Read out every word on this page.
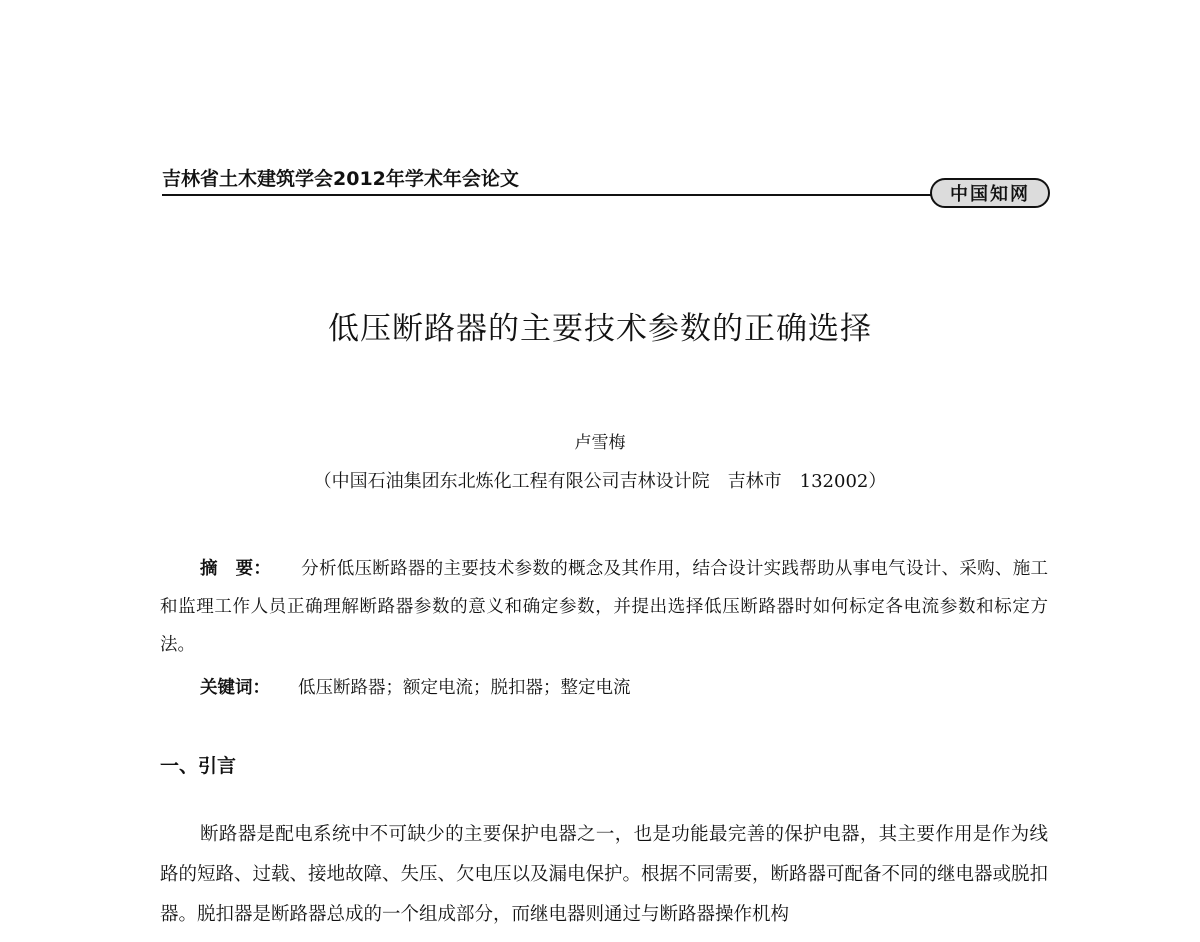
吉林省土木建筑学会2012年学术年会论文
中国知网
低压断路器的主要技术参数的正确选择
卢雪梅
（中国石油集团东北炼化工程有限公司吉林设计院　吉林市　132002）
摘　要： 分析低压断路器的主要技术参数的概念及其作用，结合设计实践帮助从事电气设计、采购、施工和监理工作人员正确理解断路器参数的意义和确定参数，并提出选择低压断路器时如何标定各电流参数和标定方法。
关键词： 低压断路器；额定电流；脱扣器；整定电流
一、引言
断路器是配电系统中不可缺少的主要保护电器之一，也是功能最完善的保护电器，其主要作用是作为线路的短路、过载、接地故障、失压、欠电压以及漏电保护。根据不同需要，断路器可配备不同的继电器或脱扣器。脱扣器是断路器总成的一个组成部分，而继电器则通过与断路器操作机构
